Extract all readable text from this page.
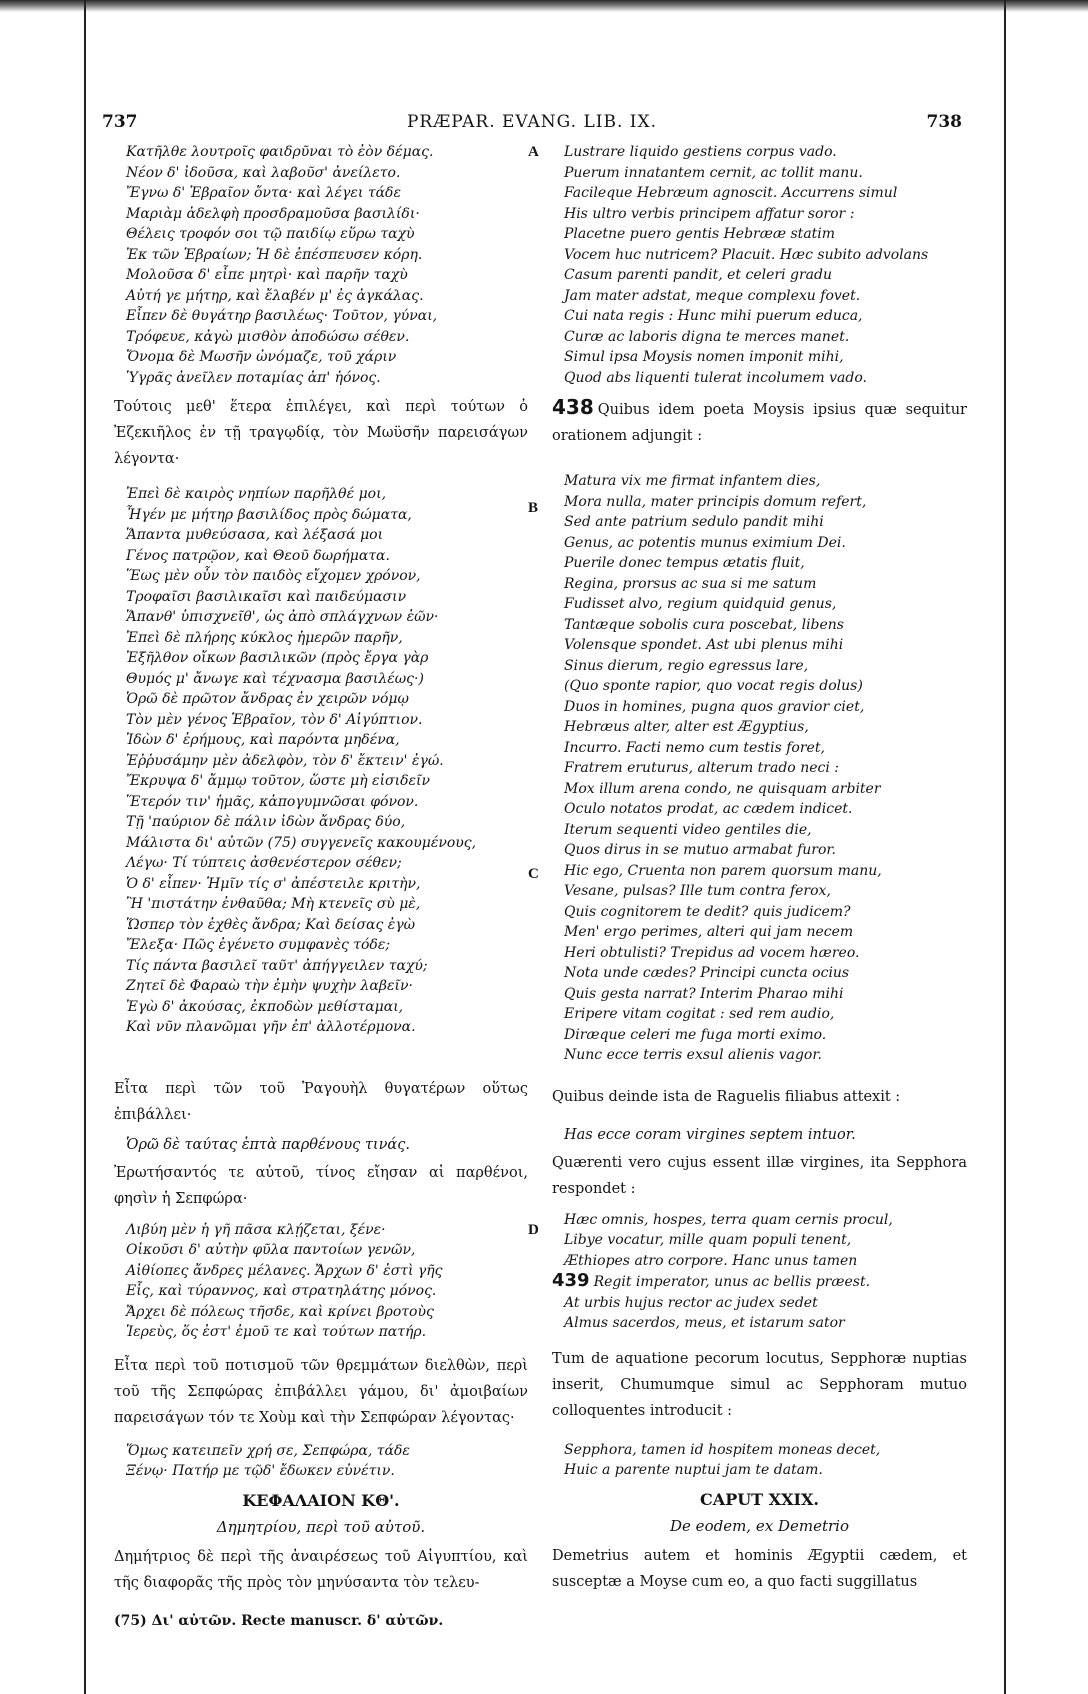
PRÆPAR. EVANG. LIB. IX.
737	738
A
B
C
D

Κατῆλθε λουτροῖς φαιδρῦναι τὸ ἐὸν δέμας.

Νέον δ' ἰδοῦσα, καὶ λαβοῦσ' ἀνείλετο.

Ἔγνω δ' Ἑβραῖον ὄντα· καὶ λέγει τάδε

Μαριὰμ ἀδελφὴ προσδραμοῦσα βασιλίδι·

Θέλεις τροφόν σοι τῷ παιδίῳ εὕρω ταχὺ

Ἐκ τῶν Ἑβραίων; Ἡ δὲ ἐπέσπευσεν κόρη.

Μολοῦσα δ' εἶπε μητρὶ· καὶ παρῆν ταχὺ

Αὐτή γε μήτηρ, καὶ ἔλαβέν μ' ἐς ἀγκάλας.

Εἶπεν δὲ θυγάτηρ βασιλέως· Τοῦτον, γύναι,

Τρόφευε, κἀγὼ μισθὸν ἀποδώσω σέθεν.

Ὄνομα δὲ Μωσῆν ὠνόμαζε, τοῦ χάριν

Ὑγρᾶς ἀνεῖλεν ποταμίας ἀπ' ἠόνος.

Τούτοις μεθ' ἕτερα ἐπιλέγει, καὶ περὶ τούτων ὁ Ἐζεκιῆλος ἐν τῇ τραγῳδίᾳ, τὸν Μωϋσῆν παρεισάγων λέγοντα·

Ἐπεὶ δὲ καιρὸς νηπίων παρῆλθέ μοι,

Ἦγέν με μήτηρ βασιλίδος πρὸς δώματα,

Ἅπαντα μυθεύσασα, καὶ λέξασά μοι

Γένος πατρῷον, καὶ Θεοῦ δωρήματα.

Ἕως μὲν οὖν τὸν παιδὸς εἴχομεν χρόνον,

Τροφαῖσι βασιλικαῖσι καὶ παιδεύμασιν

Ἅπανθ' ὑπισχνεῖθ', ὡς ἀπὸ σπλάγχνων ἐῶν·

Ἐπεὶ δὲ πλήρης κύκλος ἡμερῶν παρῆν,

Ἐξῆλθον οἴκων βασιλικῶν (πρὸς ἔργα γὰρ

Θυμός μ' ἄνωγε καὶ τέχνασμα βασιλέως·)

Ὁρῶ δὲ πρῶτον ἄνδρας ἐν χειρῶν νόμῳ

Τὸν μὲν γένος Ἑβραῖον, τὸν δ' Αἰγύπτιον.

Ἰδὼν δ' ἐρήμους, καὶ παρόντα μηδένα,

Ἐῤῥυσάμην μὲν ἀδελφὸν, τὸν δ' ἔκτειν' ἐγώ.

Ἔκρυψα δ' ἄμμῳ τοῦτον, ὥστε μὴ εἰσιδεῖν

Ἕτερόν τιν' ἡμᾶς, κἀπογυμνῶσαι φόνον.

Τῇ 'παύριον δὲ πάλιν ἰδὼν ἄνδρας δύο,

Μάλιστα δι' αὐτῶν (75) συγγενεῖς κακουμένους,

Λέγω· Τί τύπτεις ἀσθενέστερον σέθεν;

Ὁ δ' εἶπεν· Ἡμῖν τίς σ' ἀπέστειλε κριτὴν,

Ἢ 'πιστάτην ἐνθαῦθα; Μὴ κτενεῖς σὺ μὲ,

Ὥσπερ τὸν ἐχθὲς ἄνδρα; Καὶ δείσας ἐγὼ

Ἔλεξα· Πῶς ἐγένετο συμφανὲς τόδε;

Τίς πάντα βασιλεῖ ταῦτ' ἀπήγγειλεν ταχύ;

Ζητεῖ δὲ Φαραὼ τὴν ἐμὴν ψυχὴν λαβεῖν·

Ἐγὼ δ' ἀκούσας, ἐκποδὼν μεθίσταμαι,

Καὶ νῦν πλανῶμαι γῆν ἐπ' ἀλλοτέρμονα.

Εἶτα περὶ τῶν τοῦ Ῥαγουὴλ θυγατέρων οὕτως ἐπιβάλλει·

Ὁρῶ δὲ ταύτας ἑπτὰ παρθένους τινάς.

Ἐρωτήσαντός τε αὐτοῦ, τίνος εἴησαν αἱ παρθένοι, φησὶν ἡ Σεπφώρα·

Λιβύη μὲν ἡ γῆ πᾶσα κλῄζεται, ξένε·

Οἰκοῦσι δ' αὐτὴν φῦλα παντοίων γενῶν,

Αἰθίοπες ἄνδρες μέλανες. Ἄρχων δ' ἐστὶ γῆς

Εἷς, καὶ τύραννος, καὶ στρατηλάτης μόνος.

Ἄρχει δὲ πόλεως τῆσδε, καὶ κρίνει βροτοὺς

Ἱερεὺς, ὅς ἐστ' ἐμοῦ τε καὶ τούτων πατήρ.

Εἶτα περὶ τοῦ ποτισμοῦ τῶν θρεμμάτων διελθὼν, περὶ τοῦ τῆς Σεπφώρας ἐπιβάλλει γάμου, δι' ἀμοιβαίων παρεισάγων τόν τε Χοὺμ καὶ τὴν Σεπφώραν λέγοντας·

Ὅμως κατειπεῖν χρή σε, Σεπφώρα, τάδε

Ξένῳ· Πατήρ με τῷδ' ἔδωκεν εὐνέτιν.

ΚΕΦΑΛΑΙΟΝ ΚΘ'.

Δημητρίου, περὶ τοῦ αὐτοῦ.

Δημήτριος δὲ περὶ τῆς ἀναιρέσεως τοῦ Αἰγυπτίου, καὶ τῆς διαφορᾶς τῆς πρὸς τὸν μηνύσαντα τὸν τελευ-

(75) Δι' αὐτῶν. Recte manuscr. δ' αὐτῶν.

Lustrare liquido gestiens corpus vado.

Puerum innatantem cernit, ac tollit manu.

Facileque Hebræum agnoscit. Accurrens simul

His ultro verbis principem affatur soror :

Placetne puero gentis Hebrææ statim

Vocem huc nutricem? Placuit. Hæc subito advolans

Casum parenti pandit, et celeri gradu

Jam mater adstat, meque complexu fovet.

Cui nata regis : Hunc mihi puerum educa,

Curæ ac laboris digna te merces manet.

Simul ipsa Moysis nomen imponit mihi,

Quod abs liquenti tulerat incolumem vado.

438 Quibus idem poeta Moysis ipsius quæ sequitur orationem adjungit :

Matura vix me firmat infantem dies,

Mora nulla, mater principis domum refert,

Sed ante patrium sedulo pandit mihi

Genus, ac potentis munus eximium Dei.

Puerile donec tempus ætatis fluit,

Regina, prorsus ac sua si me satum

Fudisset alvo, regium quidquid genus,

Tantæque sobolis cura poscebat, libens

Volensque spondet. Ast ubi plenus mihi

Sinus dierum, regio egressus lare,

(Quo sponte rapior, quo vocat regis dolus)

Duos in homines, pugna quos gravior ciet,

Hebræus alter, alter est Ægyptius,

Incurro. Facti nemo cum testis foret,

Fratrem eruturus, alterum trado neci :

Mox illum arena condo, ne quisquam arbiter

Oculo notatos prodat, ac cædem indicet.

Iterum sequenti video gentiles die,

Quos dirus in se mutuo armabat furor.

Hic ego, Cruenta non parem quorsum manu,

Vesane, pulsas? Ille tum contra ferox,

Quis cognitorem te dedit? quis judicem?

Men' ergo perimes, alteri qui jam necem

Heri obtulisti? Trepidus ad vocem hæreo.

Nota unde cædes? Principi cuncta ocius

Quis gesta narrat? Interim Pharao mihi

Eripere vitam cogitat : sed rem audio,

Diræque celeri me fuga morti eximo.

Nunc ecce terris exsul alienis vagor.

Quibus deinde ista de Raguelis filiabus attexit :

Has ecce coram virgines septem intuor.

Quærenti vero cujus essent illæ virgines, ita Sepphora respondet :

Hæc omnis, hospes, terra quam cernis procul,

Libye vocatur, mille quam populi tenent,

Æthiopes atro corpore. Hanc unus tamen

439 Regit imperator, unus ac bellis præest.

At urbis hujus rector ac judex sedet

Almus sacerdos, meus, et istarum sator

Tum de aquatione pecorum locutus, Sepphoræ nuptias inserit, Chumumque simul ac Sepphoram mutuo colloquentes introducit :

Sepphora, tamen id hospitem moneas decet,

Huic a parente nuptui jam te datam.

CAPUT XXIX.

De eodem, ex Demetrio

Demetrius autem et hominis Ægyptii cædem, et susceptæ a Moyse cum eo, a quo facti suggillatus
